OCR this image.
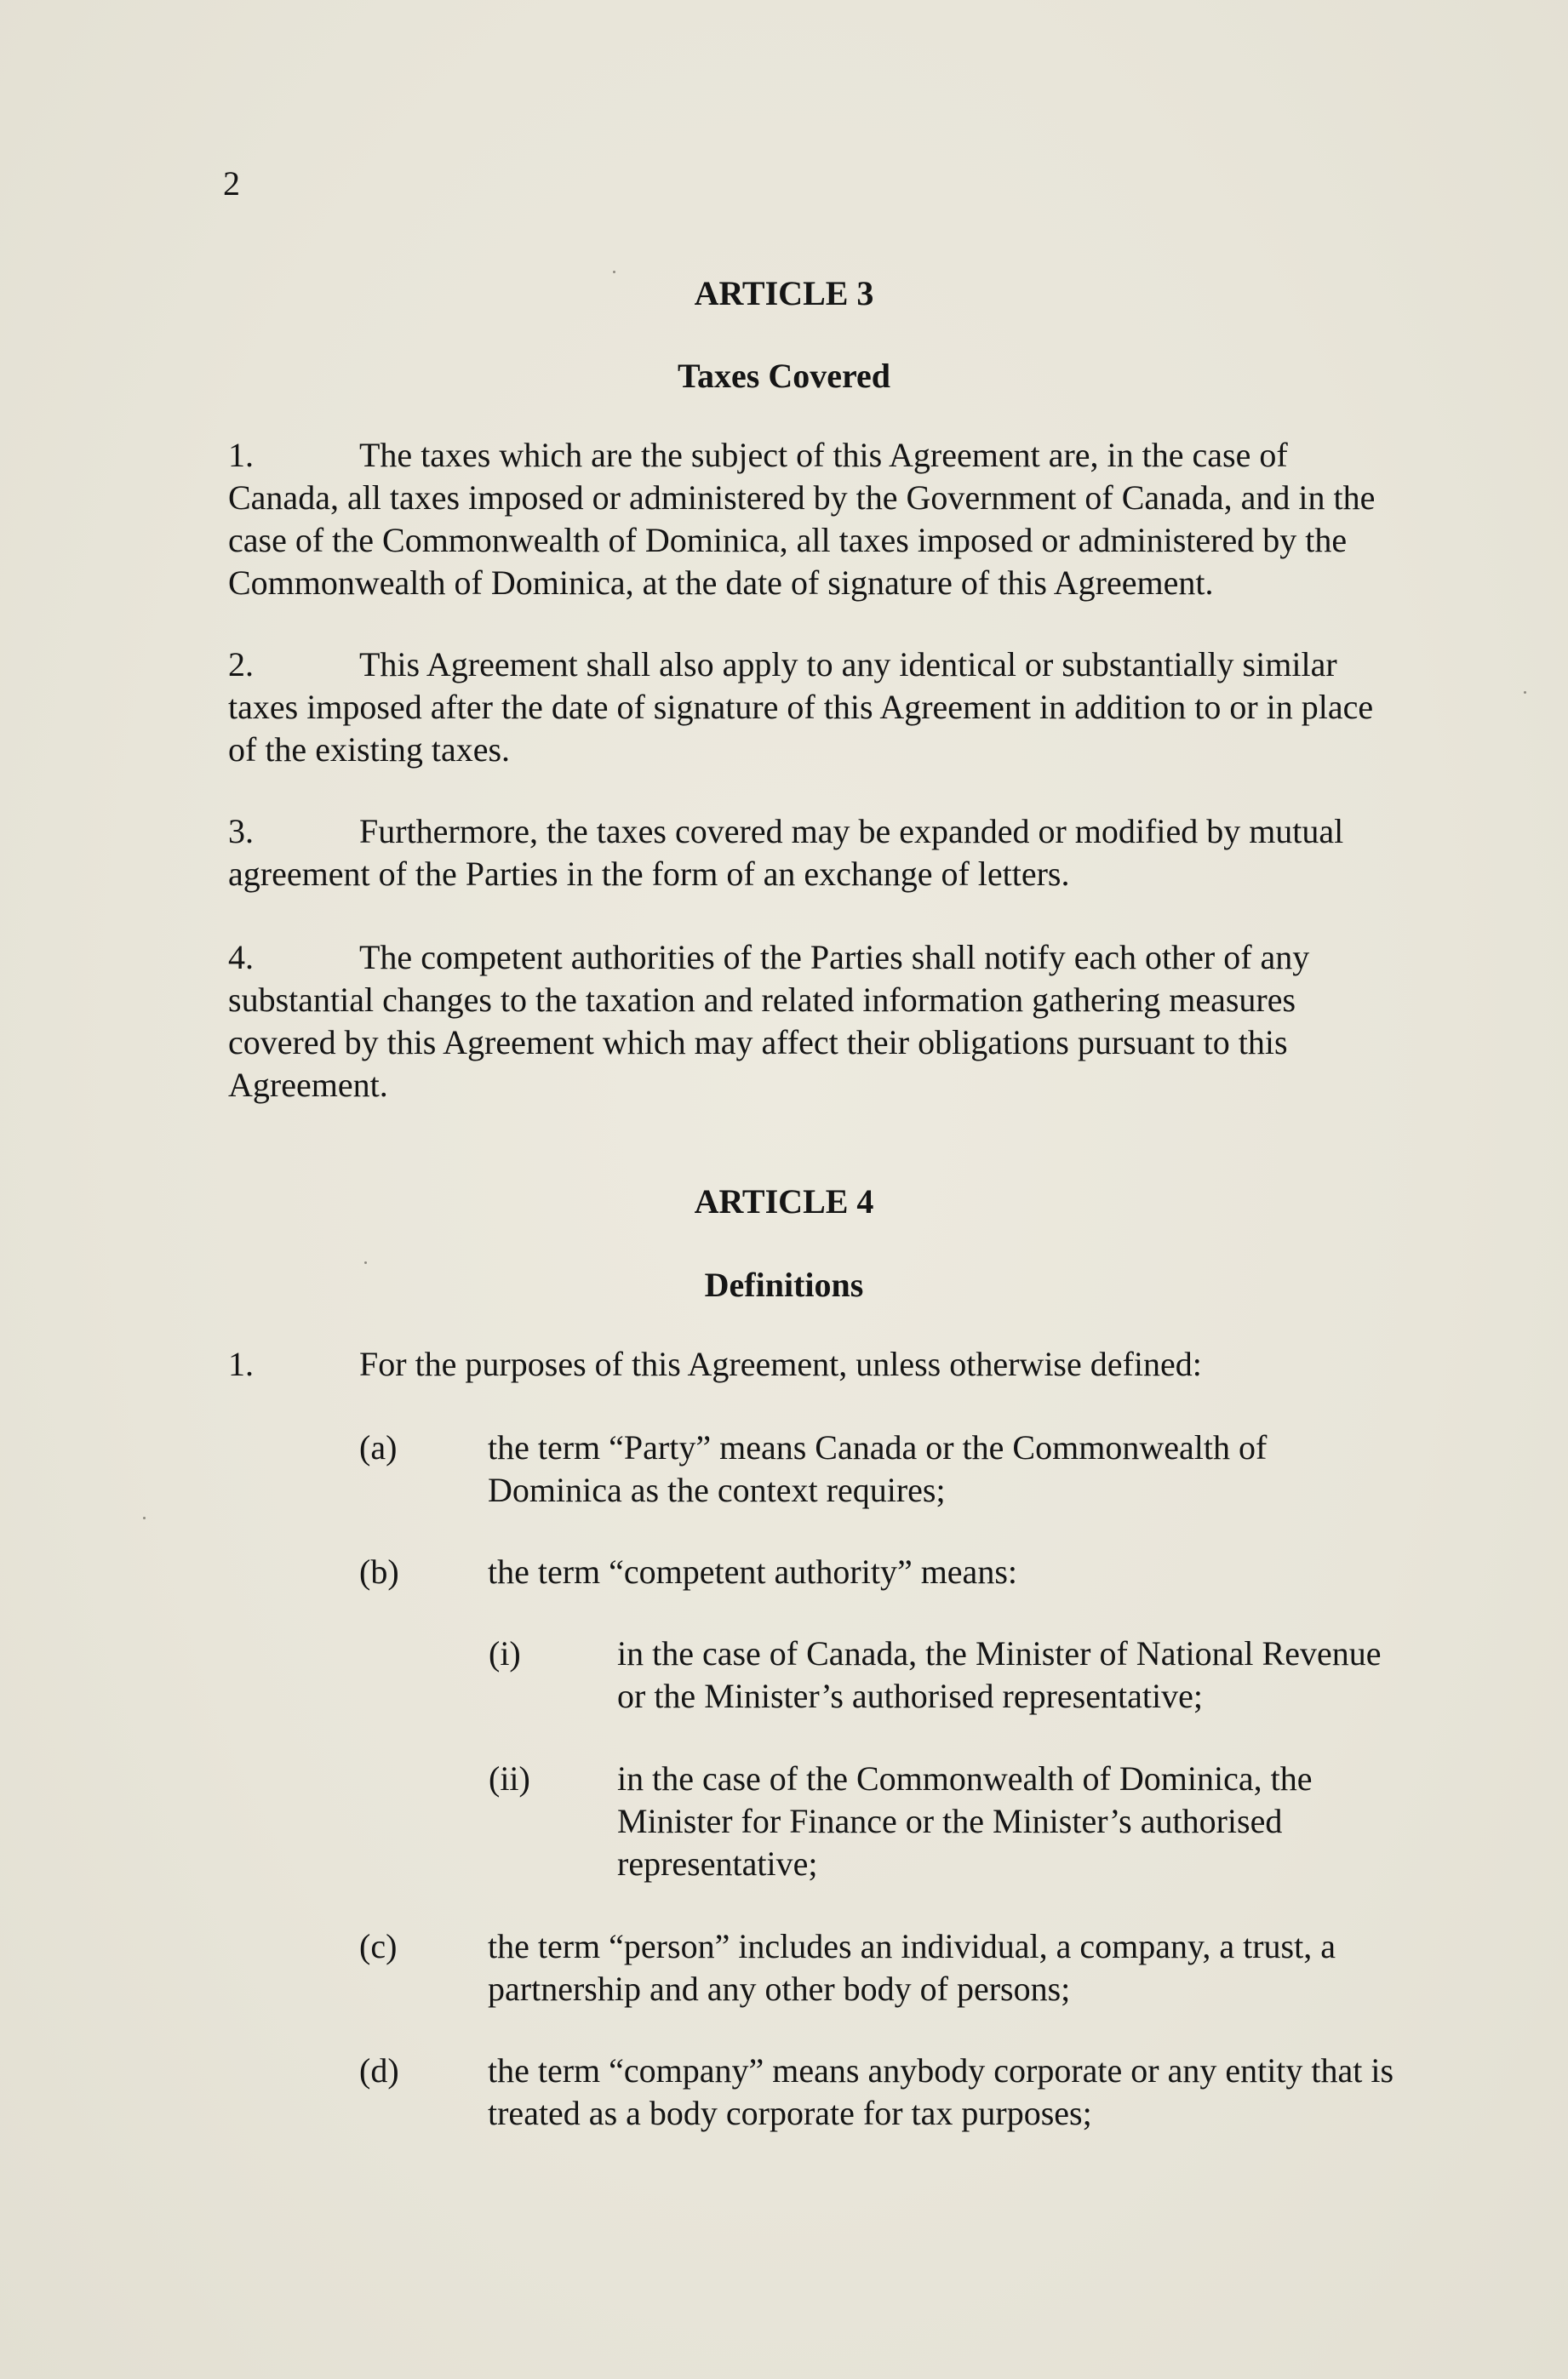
2
ARTICLE 3
Taxes Covered
1.	The taxes which are the subject of this Agreement are, in the case of Canada, all taxes imposed or administered by the Government of Canada, and in the case of the Commonwealth of Dominica, all taxes imposed or administered by the Commonwealth of Dominica, at the date of signature of this Agreement.
2.	This Agreement shall also apply to any identical or substantially similar taxes imposed after the date of signature of this Agreement in addition to or in place of the existing taxes.
3.	Furthermore, the taxes covered may be expanded or modified by mutual agreement of the Parties in the form of an exchange of letters.
4.	The competent authorities of the Parties shall notify each other of any substantial changes to the taxation and related information gathering measures covered by this Agreement which may affect their obligations pursuant to this Agreement.
ARTICLE 4
Definitions
1.	For the purposes of this Agreement, unless otherwise defined:
(a)	the term “Party” means Canada or the Commonwealth of Dominica as the context requires;
(b)	the term “competent authority” means:
(i)	in the case of Canada, the Minister of National Revenue or the Minister’s authorised representative;
(ii)	in the case of the Commonwealth of Dominica, the Minister for Finance or the Minister’s authorised representative;
(c)	the term “person” includes an individual, a company, a trust, a partnership and any other body of persons;
(d)	the term “company” means anybody corporate or any entity that is treated as a body corporate for tax purposes;
